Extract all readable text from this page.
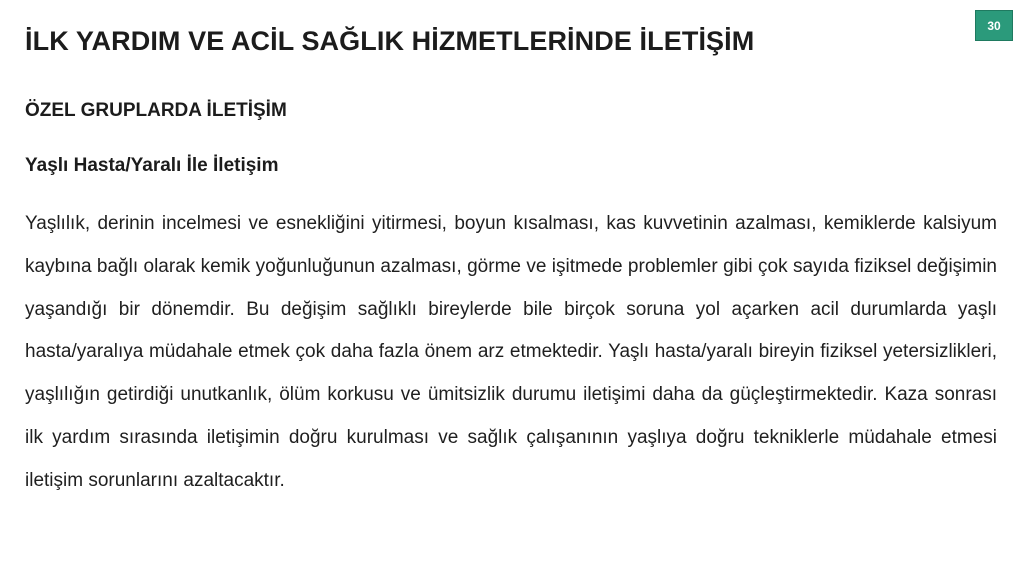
30
İLK YARDIM VE ACİL SAĞLIK HİZMETLERİNDE İLETİŞİM
ÖZEL GRUPLARDA İLETİŞİM
Yaşlı Hasta/Yaralı İle İletişim

Yaşlılık, derinin incelmesi ve esnekliğini yitirmesi, boyun kısalması, kas kuvvetinin azalması, kemiklerde kalsiyum kaybına bağlı olarak kemik yoğunluğunun azalması, görme ve işitmede problemler gibi çok sayıda fiziksel değişimin yaşandığı bir dönemdir. Bu değişim sağlıklı bireylerde bile birçok soruna yol açarken acil durumlarda yaşlı hasta/yaralıya müdahale etmek çok daha fazla önem arz etmektedir. Yaşlı hasta/yaralı bireyin fiziksel yetersizlikleri, yaşlılığın getirdiği unutkanlık, ölüm korkusu ve ümitsizlik durumu iletişimi daha da güçleştirmektedir. Kaza sonrası ilk yardım sırasında iletişimin doğru kurulması ve sağlık çalışanının yaşlıya doğru tekniklerle müdahale etmesi iletişim sorunlarını azaltacaktır.
